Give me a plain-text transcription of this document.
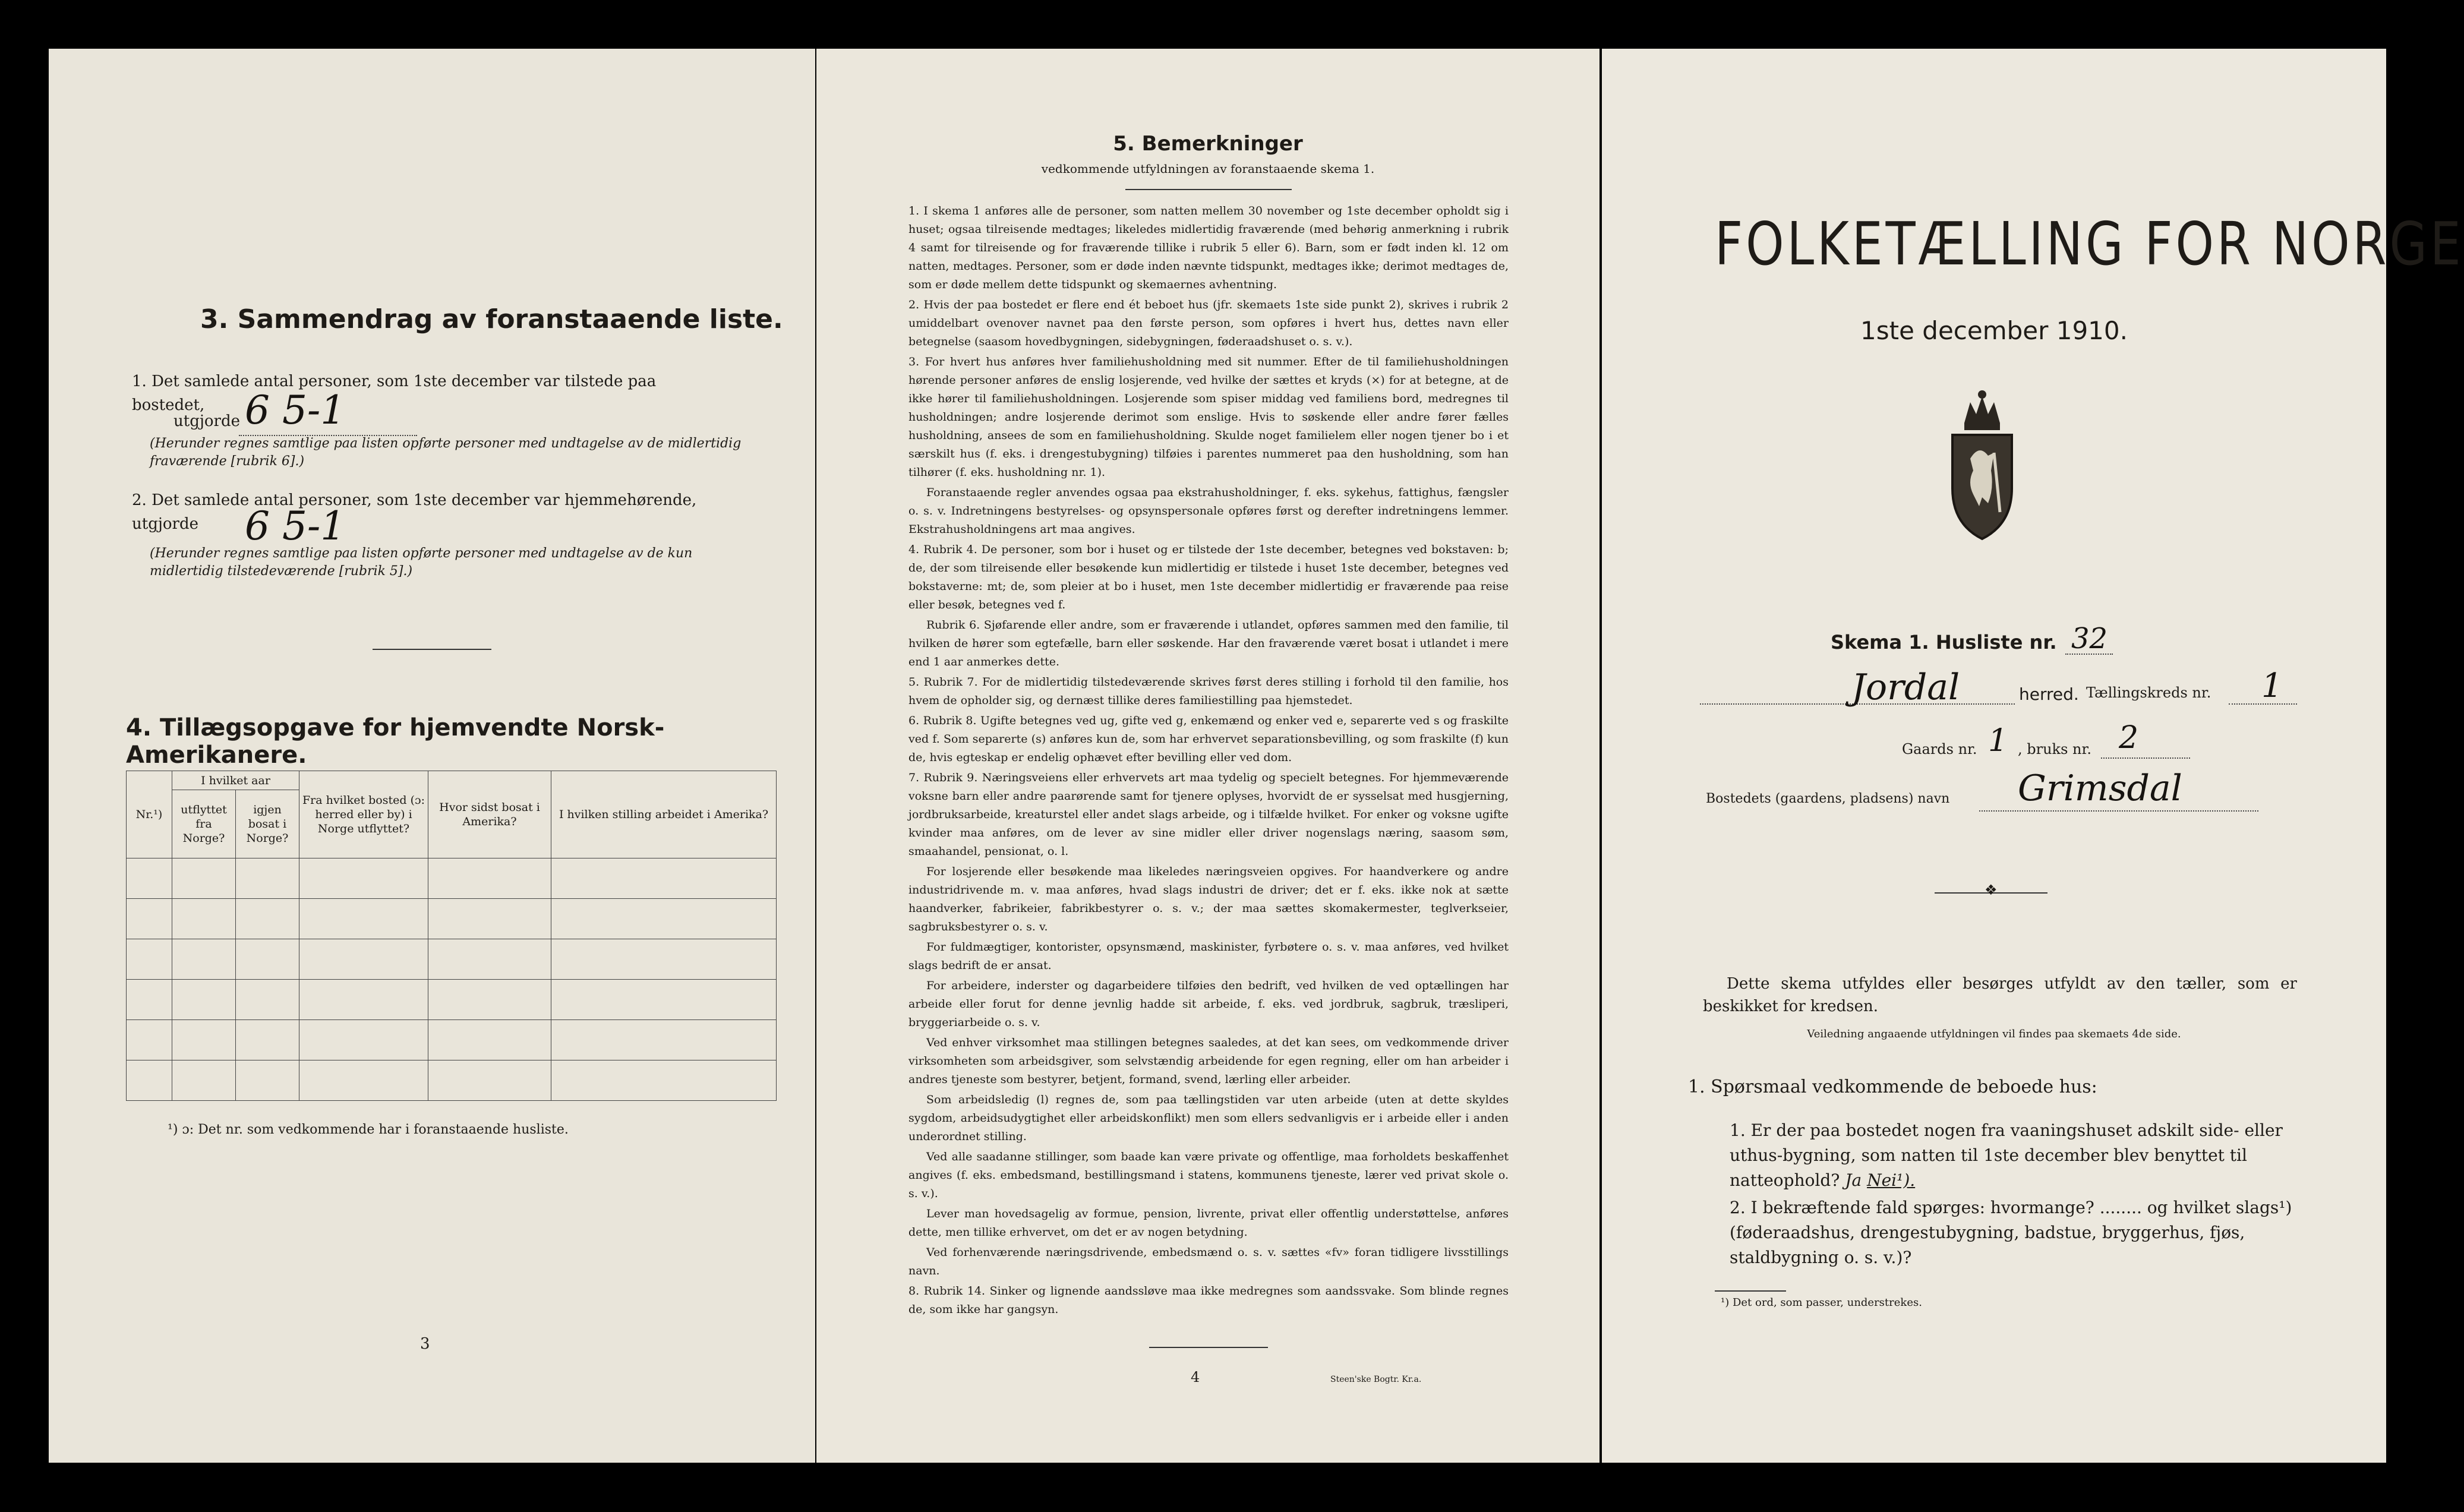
3. Sammendrag av foranstaaende liste.
1. Det samlede antal personer, som 1ste december var tilstede paa bostedet,
utgjorde 6 5-1
(Herunder regnes samtlige paa listen opførte personer med undtagelse av de midlertidig fraværende [rubrik 6].)
2. Det samlede antal personer, som 1ste december var hjemmehørende, utgjorde	6 5-1
(Herunder regnes samtlige paa listen opførte personer med undtagelse av de kun midlertidig tilstedeværende [rubrik 5].)
4. Tillægsopgave for hjemvendte Norsk-Amerikanere.
Nr.¹)	I hvilket aar		Fra hvilket bosted (ɔ: herred eller by) i Norge utflyttet?	Hvor sidst bosat i Amerika?	I hvilken stilling arbeidet i Amerika?
	utflyttet fra Norge?	igjen bosat i Norge?			

¹) ɔ: Det nr. som vedkommende har i foranstaaende husliste.
3
5. Bemerkninger
vedkommende utfyldningen av foranstaaende skema 1.
1. I skema 1 anføres alle de personer, som natten mellem 30 november og 1ste december opholdt sig i huset; ogsaa tilreisende medtages; likeledes midlertidig fraværende (med behørig anmerkning i rubrik 4 samt for tilreisende og for fraværende tillike i rubrik 5 eller 6). Barn, som er født inden kl. 12 om natten, medtages. Personer, som er døde inden nævnte tidspunkt, medtages ikke; derimot medtages de, som er døde mellem dette tidspunkt og skemaernes avhentning.
2. Hvis der paa bostedet er flere end ét beboet hus (jfr. skemaets 1ste side punkt 2), skrives i rubrik 2 umiddelbart ovenover navnet paa den første person, som opføres i hvert hus, dettes navn eller betegnelse (saasom hovedbygningen, sidebygningen, føderaadshuset o. s. v.).
3. For hvert hus anføres hver familiehusholdning med sit nummer. Efter de til familiehusholdningen hørende personer anføres de enslig losjerende, ved hvilke der sættes et kryds (×) for at betegne, at de ikke hører til familiehusholdningen. Losjerende som spiser middag ved familiens bord, medregnes til husholdningen; andre losjerende derimot som enslige. Hvis to søskende eller andre fører fælles husholdning, ansees de som en familiehusholdning. Skulde noget familielem eller nogen tjener bo i et særskilt hus (f. eks. i drengestubygning) tilføies i parentes nummeret paa den husholdning, som han tilhører (f. eks. husholdning nr. 1).
Foranstaaende regler anvendes ogsaa paa ekstrahusholdninger, f. eks. sykehus, fattighus, fængsler o. s. v. Indretningens bestyrelses- og opsynspersonale opføres først og derefter indretningens lemmer. Ekstrahusholdningens art maa angives.
4. Rubrik 4. De personer, som bor i huset og er tilstede der 1ste december, betegnes ved bokstaven: b; de, der som tilreisende eller besøkende kun midlertidig er tilstede i huset 1ste december, betegnes ved bokstaverne: mt; de, som pleier at bo i huset, men 1ste december midlertidig er fraværende paa reise eller besøk, betegnes ved f.
Rubrik 6. Sjøfarende eller andre, som er fraværende i utlandet, opføres sammen med den familie, til hvilken de hører som egtefælle, barn eller søskende. Har den fraværende været bosat i utlandet i mere end 1 aar anmerkes dette.
5. Rubrik 7. For de midlertidig tilstedeværende skrives først deres stilling i forhold til den familie, hos hvem de opholder sig, og dernæst tillike deres familiestilling paa hjemstedet.
6. Rubrik 8. Ugifte betegnes ved ug, gifte ved g, enkemænd og enker ved e, separerte ved s og fraskilte ved f. Som separerte (s) anføres kun de, som har erhvervet separationsbevilling, og som fraskilte (f) kun de, hvis egteskap er endelig ophævet efter bevilling eller ved dom.
7. Rubrik 9. Næringsveiens eller erhvervets art maa tydelig og specielt betegnes. For hjemmeværende voksne barn eller andre paarørende samt for tjenere oplyses, hvorvidt de er sysselsat med husgjerning, jordbruksarbeide, kreaturstel eller andet slags arbeide, og i tilfælde hvilket. For enker og voksne ugifte kvinder maa anføres, om de lever av sine midler eller driver nogenslags næring, saasom søm, smaahandel, pensionat, o. l.
For losjerende eller besøkende maa likeledes næringsveien opgives. For haandverkere og andre industridrivende m. v. maa anføres, hvad slags industri de driver; det er f. eks. ikke nok at sætte haandverker, fabrikeier, fabrikbestyrer o. s. v.; der maa sættes skomakermester, teglverkseier, sagbruksbestyrer o. s. v.
For fuldmægtiger, kontorister, opsynsmænd, maskinister, fyrbøtere o. s. v. maa anføres, ved hvilket slags bedrift de er ansat.
For arbeidere, inderster og dagarbeidere tilføies den bedrift, ved hvilken de ved optællingen har arbeide eller forut for denne jevnlig hadde sit arbeide, f. eks. ved jordbruk, sagbruk, træsliperi, bryggeriarbeide o. s. v.
Ved enhver virksomhet maa stillingen betegnes saaledes, at det kan sees, om vedkommende driver virksomheten som arbeidsgiver, som selvstændig arbeidende for egen regning, eller om han arbeider i andres tjeneste som bestyrer, betjent, formand, svend, lærling eller arbeider.
Som arbeidsledig (l) regnes de, som paa tællingstiden var uten arbeide (uten at dette skyldes sygdom, arbeidsudygtighet eller arbeidskonflikt) men som ellers sedvanligvis er i arbeide eller i anden underordnet stilling.
Ved alle saadanne stillinger, som baade kan være private og offentlige, maa forholdets beskaffenhet angives (f. eks. embedsmand, bestillingsmand i statens, kommunens tjeneste, lærer ved privat skole o. s. v.).
Lever man hovedsagelig av formue, pension, livrente, privat eller offentlig understøttelse, anføres dette, men tillike erhvervet, om det er av nogen betydning.
Ved forhenværende næringsdrivende, embedsmænd o. s. v. sættes «fv» foran tidligere livsstillings navn.
8. Rubrik 14. Sinker og lignende aandssløve maa ikke medregnes som aandssvake. Som blinde regnes de, som ikke har gangsyn.
4	Steen'ske Bogtr. Kr.a.
FOLKETÆLLING FOR NORGE
1ste december 1910.
Skema 1. Husliste nr. 32
Jordal	herred. Tællingskreds nr. 1
Gaards nr. 1 , bruks nr. 2
Bostedets (gaardens, pladsens) navn Grimsdal
❖
Dette skema utfyldes eller besørges utfyldt av den tæller, som er beskikket for kredsen.
Veiledning angaaende utfyldningen vil findes paa skemaets 4de side.
1. Spørsmaal vedkommende de beboede hus:
1. Er der paa bostedet nogen fra vaaningshuset adskilt side- eller uthus-bygning, som natten til 1ste december blev benyttet til natteophold? Ja Nei¹).
2. I bekræftende fald spørges: hvormange? ........ og hvilket slags¹) (føderaadshus, drengestubygning, badstue, bryggerhus, fjøs, staldbygning o. s. v.)?
¹) Det ord, som passer, understrekes.
